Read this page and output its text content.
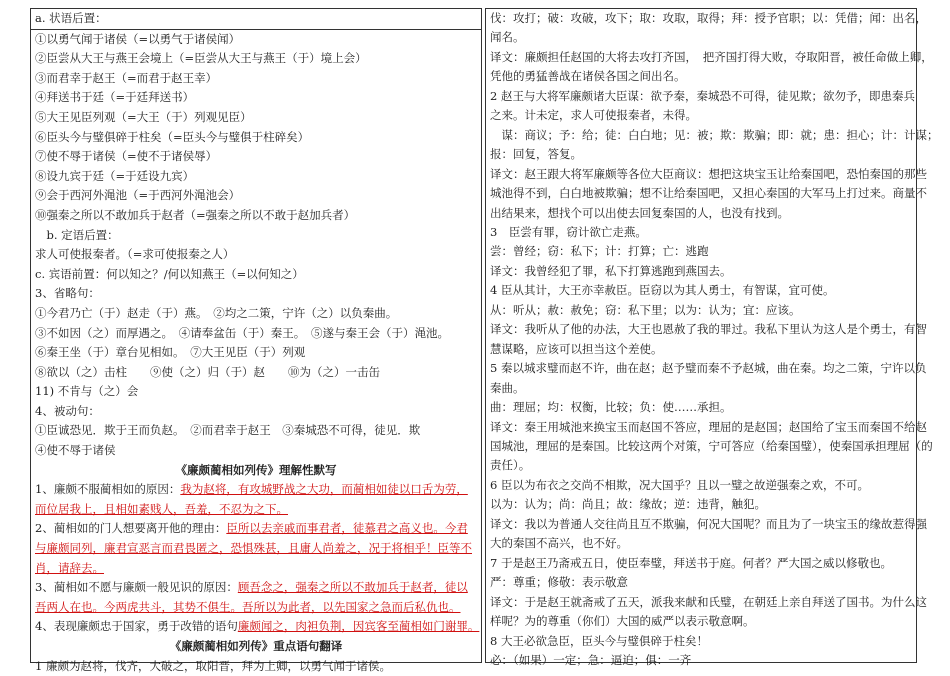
a. 状语后置：
①以勇气闻于诸侯（=以勇气于诸侯闻）
②臣尝从大王与燕王会境上（=臣尝从大王与燕王（于）境上会）
③而君幸于赵王（=而君于赵王幸）
④拜送书于廷（=于廷拜送书）
⑤大王见臣列观（=大王（于）列观见臣）
⑥臣头今与璧俱碎于柱矣（=臣头今与璧俱于柱碎矣）
⑦使不辱于诸侯（=使不于诸侯辱）
⑧设九宾于廷（=于廷设九宾）
⑨会于西河外渑池（=于西河外渑池会）
⑩强秦之所以不敢加兵于赵者（=强秦之所以不敢于赵加兵者）
　b. 定语后置：
求人可使报秦者。（=求可使报秦之人）
c. 宾语前置：何以知之？/何以知燕王（=以何知之）
3、省略句：
①今君乃亡（于）赵走（于）燕。　②均之二策，宁许（之）以负秦曲。
③不如因（之）而厚遇之。　④请奉盆缶（于）秦王。　⑤遂与秦王会（于）渑池。
⑥秦王坐（于）章台见相如。　⑦大王见臣（于）列观
⑧欲以（之）击柱　　⑨使（之）归（于）赵　　⑩为（之）一击缶
11) 不肯与（之）会
4、被动句：
①臣诚恐见．欺于王而负赵。　②而君幸于赵王　③秦城恐不可得，徒见．欺
④使不辱于诸侯
《廉颇蔺相如列传》理解性默写
1、廉颇不服蔺相如的原因：我为赵将，有攻城野战之大功，而蔺相如徒以口舌为劳，
而位居我上，且相如素贱人，吾羞，不忍为之下。
2、蔺相如的门人想要离开他的理由：臣所以去亲戚而事君者，徒慕君之高义也。今君
与廉颇同列，廉君宣恶言而君畏匿之，恐惧殊甚，且庸人尚羞之，况于将相乎！臣等不
肖，请辞去。
3、蔺相如不愿与廉颇一般见识的原因：顾吾念之，强秦之所以不敢加兵于赵者，徒以
吾两人在也。今两虎共斗，其势不俱生。吾所以为此者，以先国家之急而后私仇也。
4、表现廉颇忠于国家，勇于改错的语句廉颇闻之，肉袒负荆，因宾客至蔺相如门谢罪。
《廉颇蔺相如列传》重点语句翻译
1 廉颇为赵将，伐齐，大破之，取阳晋，拜为上卿，以勇气闻于诸侯。
伐：攻打；破：攻破，攻下；取：攻取，取得；拜：授予官职；以：凭借；闻：出名，
闻名。
译文：廉颇担任赵国的大将去攻打齐国，　把齐国打得大败，夺取阳晋，被任命做上卿，
凭他的勇猛善战在诸侯各国之间出名。
2 赵王与大将军廉颇诸大臣谋：欲予秦，秦城恐不可得，徒见欺；欲勿予，即患秦兵
之来。计未定，求人可使报秦者，未得。
　谋：商议；予：给；徒：白白地；见：被；欺：欺骗；即：就；患：担心；计：计谋；
报：回复，答复。
译文：赵王跟大将军廉颇等各位大臣商议：想把这块宝玉让给秦国吧，恐怕秦国的那些
城池得不到，白白地被欺骗；想不让给秦国吧，又担心秦国的大军马上打过来。商量不
出结果来，想找个可以出使去回复秦国的人，也没有找到。
3　臣尝有罪，窃计欲亡走燕。
尝：曾经；窃：私下；计：打算；亡：逃跑
译文：我曾经犯了罪，私下打算逃跑到燕国去。
4 臣从其计，大王亦幸赦臣。臣窃以为其人勇士，有智谋，宜可使。
从：听从；赦：赦免；窃：私下里；以为：认为；宜：应该。
译文：我听从了他的办法，大王也恩赦了我的罪过。我私下里认为这人是个勇士，有智
慧谋略，应该可以担当这个差使。
5 秦以城求璧而赵不许，曲在赵；赵予璧而秦不予赵城，曲在秦。均之二策，宁许以负
秦曲。
曲：理屈；均：权衡，比较；负：使……承担。
译文：秦王用城池来换宝玉而赵国不答应，理屈的是赵国；赵国给了宝玉而秦国不给赵
国城池，理屈的是秦国。比较这两个对策，宁可答应（给秦国璧），使秦国承担理屈（的
责任）。
6 臣以为布衣之交尚不相欺，况大国乎？且以一璧之故逆强秦之欢，不可。
以为：认为；尚：尚且；故：缘故；逆：违背，触犯。
译文：我以为普通人交往尚且互不欺骗，何况大国呢？而且为了一块宝玉的缘故惹得强
大的秦国不高兴，也不好。
7 于是赵王乃斋戒五日，使臣奉璧，拜送书于庭。何者？严大国之威以修敬也。
严：尊重；修敬：表示敬意
译文：于是赵王就斋戒了五天，派我来献和氏璧，在朝廷上亲自拜送了国书。为什么这
样呢？为的尊重（你们）大国的威严以表示敬意啊。
8 大王必欲急臣，臣头今与璧俱碎于柱矣！
必：（如果）一定；急：逼迫；俱：一齐
